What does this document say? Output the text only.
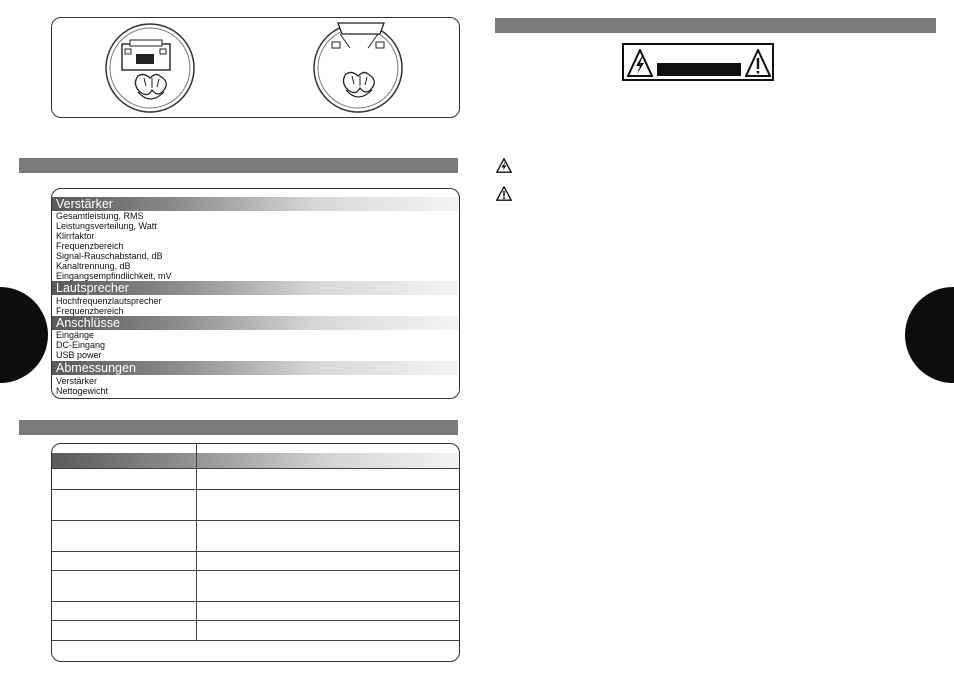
Verstärker
Gesamtleistung, RMS
Leistungsverteilung, Watt
Klirrfaktor
Frequenzbereich
Signal-Rauschabstand, dB
Kanaltrennung, dB
Eingangsempfindlichkeit, mV
Lautsprecher
Hochfrequenzlautsprecher
Frequenzbereich
Anschlüsse
Eingänge
DC-Eingang
USB power
Abmessungen
Verstärker
Nettogewicht
